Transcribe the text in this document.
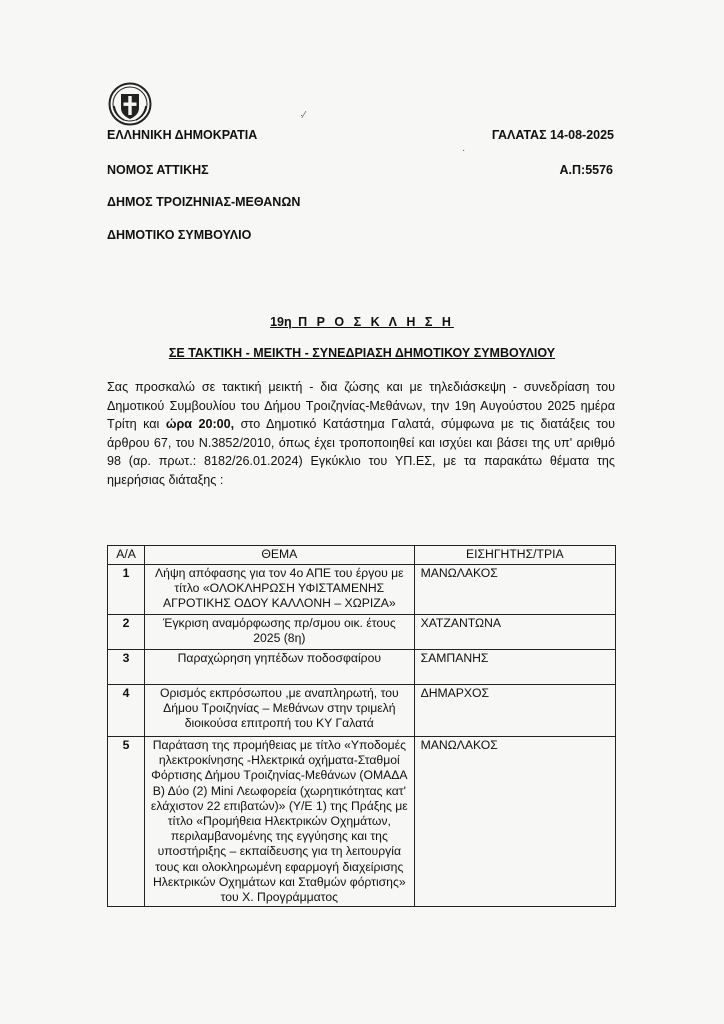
ΕΛΛΗΝΙΚΗ ΔΗΜΟΚΡΑΤΙΑ
ΝΟΜΟΣ ΑΤΤΙΚΗΣ
ΔΗΜΟΣ ΤΡΟΙΖΗΝΙΑΣ-ΜΕΘΑΝΩΝ
ΔΗΜΟΤΙΚΟ ΣΥΜΒΟΥΛΙΟ
ΓΑΛΑΤΑΣ 14-08-2025
Α.Π:5576
·⁄
·
19η Π Ρ Ο Σ Κ Λ Η Σ Η
ΣΕ ΤΑΚΤΙΚΗ - ΜΕΙΚΤΗ - ΣΥΝΕΔΡΙΑΣΗ ΔΗΜΟΤΙΚΟΥ ΣΥΜΒΟΥΛΙΟΥ
Σας προσκαλώ σε τακτική μεικτή - δια ζώσης και με τηλεδιάσκεψη - συνεδρίαση του Δημοτικού Συμβουλίου του Δήμου Τροιζηνίας-Μεθάνων, την 19η Αυγούστου 2025 ημέρα Τρίτη και ώρα 20:00, στο Δημοτικό Κατάστημα Γαλατά, σύμφωνα με τις διατάξεις του άρθρου 67, του Ν.3852/2010, όπως έχει τροποποιηθεί και ισχύει και βάσει της υπ' αριθμό 98 (αρ. πρωτ.: 8182/26.01.2024) Εγκύκλιο του ΥΠ.ΕΣ, με τα παρακάτω θέματα της ημερήσιας διάταξης :
Α/Α	ΘΕΜΑ	ΕΙΣΗΓΗΤΗΣ/ΤΡΙΑ
1	Λήψη απόφασης για τον 4ο ΑΠΕ του έργου με τίτλο «ΟΛΟΚΛΗΡΩΣΗ ΥΦΙΣΤΑΜΕΝΗΣ ΑΓΡΟΤΙΚΗΣ ΟΔΟΥ ΚΑΛΛΟΝΗ – ΧΩΡΙΖΑ»	ΜΑΝΩΛΑΚΟΣ
2	Έγκριση αναμόρφωσης πρ/σμου οικ. έτους 2025 (8η)	ΧΑΤΖΑΝΤΩΝΑ
3	Παραχώρηση γηπέδων ποδοσφαίρου	ΣΑΜΠΑΝΗΣ
4	Ορισμός εκπρόσωπου ,με αναπληρωτή, του Δήμου Τροιζηνίας – Μεθάνων στην τριμελή διοικούσα επιτροπή του ΚΥ Γαλατά	ΔΗΜΑΡΧΟΣ
5	Παράταση της προμήθειας με τίτλο «Υποδομές ηλεκτροκίνησης -Ηλεκτρικά οχήματα-Σταθμοί Φόρτισης Δήμου Τροιζηνίας-Μεθάνων (ΟΜΑΔΑ Β) Δύο (2) Mini Λεωφορεία (χωρητικότητας κατ' ελάχιστον 22 επιβατών)» (Υ/Ε 1) της Πράξης με τίτλο «Προμήθεια Ηλεκτρικών Οχημάτων, περιλαμβανομένης της εγγύησης και της υποστήριξης – εκπαίδευσης για τη λειτουργία τους και ολοκληρωμένη εφαρμογή διαχείρισης Ηλεκτρικών Οχημάτων και Σταθμών φόρτισης» του Χ. Προγράμματος	ΜΑΝΩΛΑΚΟΣ
